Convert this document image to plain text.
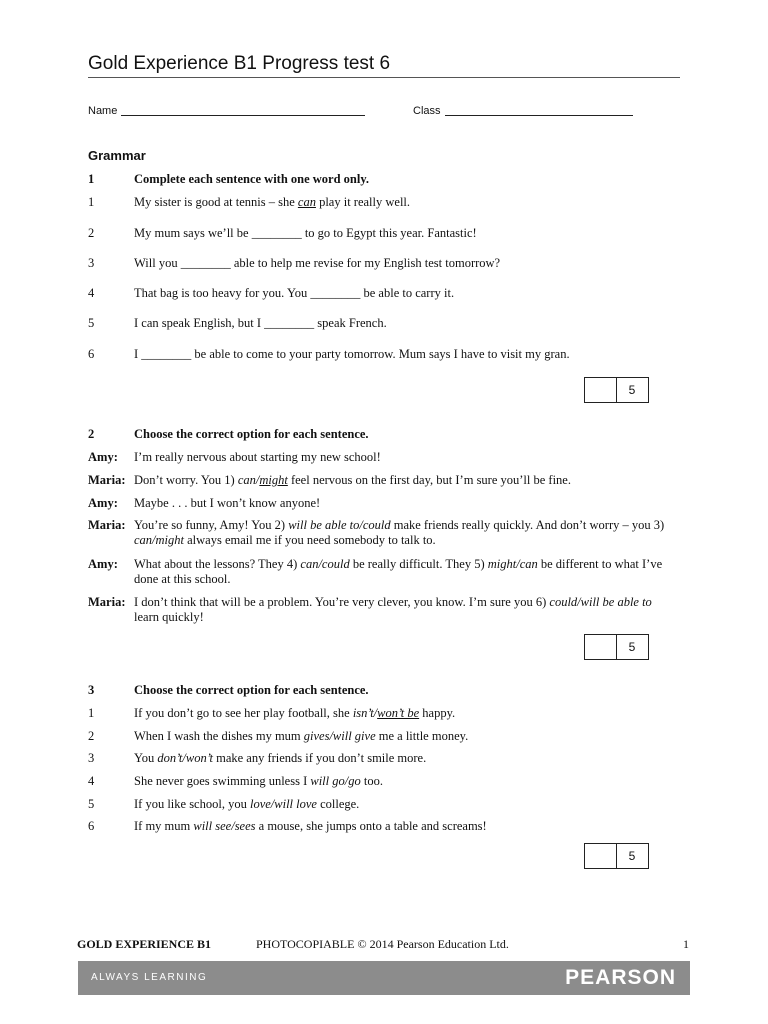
Gold Experience B1 Progress test 6
Name	Class
Grammar
1	Complete each sentence with one word only.
1	My sister is good at tennis – she can play it really well.
2	My mum says we’ll be ________ to go to Egypt this year. Fantastic!
3	Will you ________ able to help me revise for my English test tomorrow?
4	That bag is too heavy for you. You ________ be able to carry it.
5	I can speak English, but I ________ speak French.
6	I ________ be able to come to your party tomorrow. Mum says I have to visit my gran.
5
2	Choose the correct option for each sentence.
Amy: I’m really nervous about starting my new school!
Maria: Don’t worry. You 1) can/might feel nervous on the first day, but I’m sure you’ll be fine.
Amy: Maybe . . . but I won’t know anyone!
Maria: You’re so funny, Amy! You 2) will be able to/could make friends really quickly. And don’t worry – you 3) can/might always email me if you need somebody to talk to.
Amy: What about the lessons? They 4) can/could be really difficult. They 5) might/can be different to what I’ve done at this school.
Maria: I don’t think that will be a problem. You’re very clever, you know. I’m sure you 6) could/will be able to learn quickly!
5
3	Choose the correct option for each sentence.
1	If you don’t go to see her play football, she isn’t/won’t be happy.
2	When I wash the dishes my mum gives/will give me a little money.
3	You don’t/won’t make any friends if you don’t smile more.
4	She never goes swimming unless I will go/go too.
5	If you like school, you love/will love college.
6	If my mum will see/sees a mouse, she jumps onto a table and screams!
5
GOLD EXPERIENCE B1	PHOTOCOPIABLE © 2014 Pearson Education Ltd.	1
ALWAYS LEARNING	PEARSON
